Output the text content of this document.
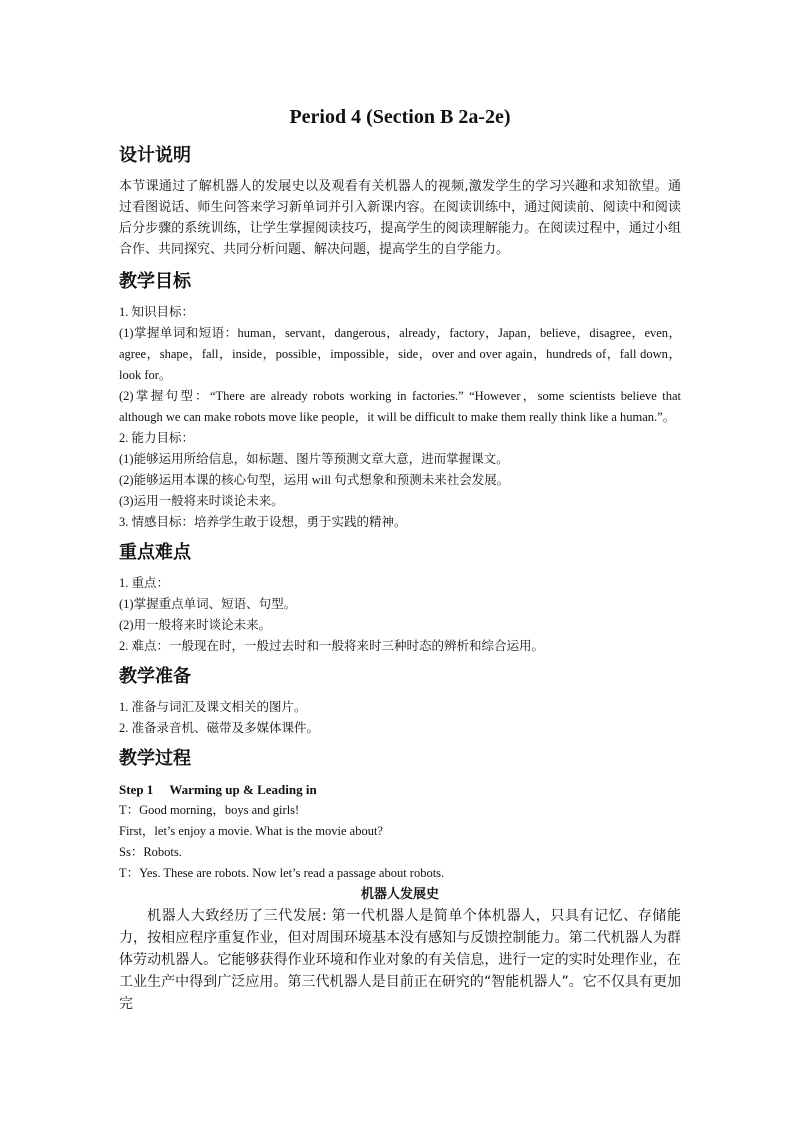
Period 4 (Section B 2a-2e)
设计说明

本节课通过了解机器人的发展史以及观看有关机器人的视频,激发学生的学习兴趣和求知欲望。通过看图说话、师生问答来学习新单词并引入新课内容。在阅读训练中，通过阅读前、阅读中和阅读后分步骤的系统训练，让学生掌握阅读技巧，提高学生的阅读理解能力。在阅读过程中，通过小组合作、共同探究、共同分析问题、解决问题，提高学生的自学能力。

教学目标

1. 知识目标：

(1)掌握单词和短语：human，servant，dangerous，already，factory，Japan，believe，disagree，even，agree，shape，fall，inside，possible，impossible，side，over and over again，hundreds of，fall down，look for。

(2)掌握句型：“There are already robots working in factories.” “However，some scientists believe that although we can make robots move like people，it will be difficult to make them really think like a human.”。

2. 能力目标：

(1)能够运用所给信息，如标题、图片等预测文章大意，进而掌握课文。

(2)能够运用本课的核心句型，运用 will 句式想象和预测未来社会发展。

(3)运用一般将来时谈论未来。

3. 情感目标：培养学生敢于设想，勇于实践的精神。

重点难点

1. 重点：

(1)掌握重点单词、短语、句型。

(2)用一般将来时谈论未来。

2. 难点：一般现在时，一般过去时和一般将来时三种时态的辨析和综合运用。

教学准备

1. 准备与词汇及课文相关的图片。

2. 准备录音机、磁带及多媒体课件。

教学过程

Step 1 Warming up & Leading in

T：Good morning，boys and girls!

First，let’s enjoy a movie. What is the movie about?

Ss：Robots.

T：Yes. These are robots. Now let’s read a passage about robots.

机器人发展史

机器人大致经历了三代发展: 第一代机器人是简单个体机器人，只具有记忆、存储能力，按相应程序重复作业，但对周围环境基本没有感知与反馈控制能力。第二代机器人为群体劳动机器人。它能够获得作业环境和作业对象的有关信息，进行一定的实时处理作业，在工业生产中得到广泛应用。第三代机器人是目前正在研究的“智能机器人”。它不仅具有更加完
